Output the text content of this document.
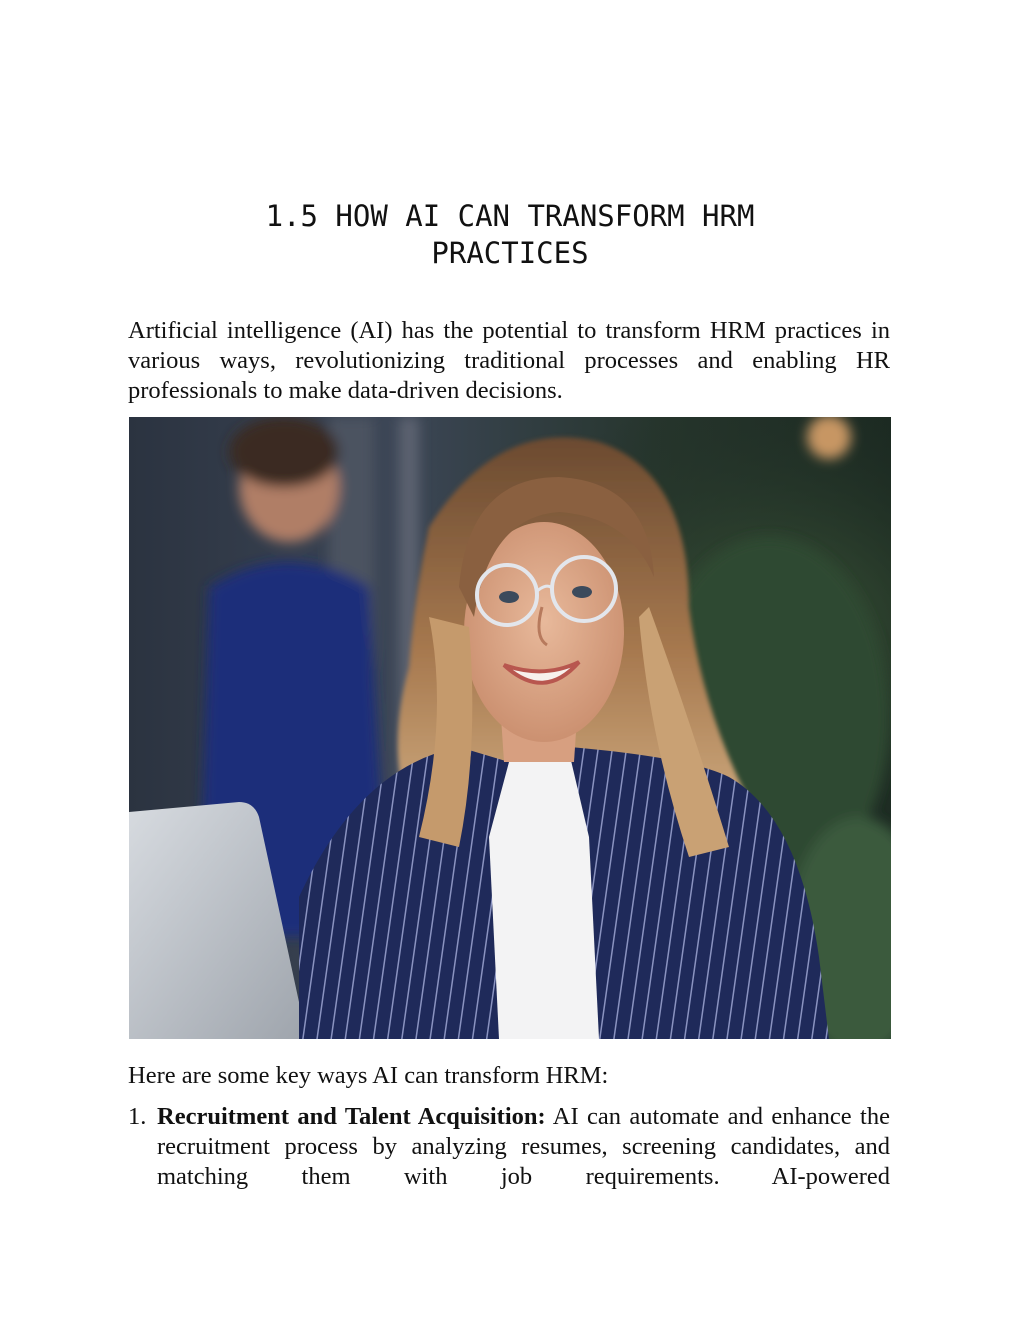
1.5 HOW AI CAN TRANSFORM HRM
PRACTICES

Artificial intelligence (AI) has the potential to transform HRM practices in various ways, revolutionizing traditional processes and enabling HR professionals to make data-driven decisions.

Here are some key ways AI can transform HRM:

1. Recruitment and Talent Acquisition: AI can automate and enhance the recruitment process by analyzing resumes, screening candidates, and matching them with job requirements. AI-powered
